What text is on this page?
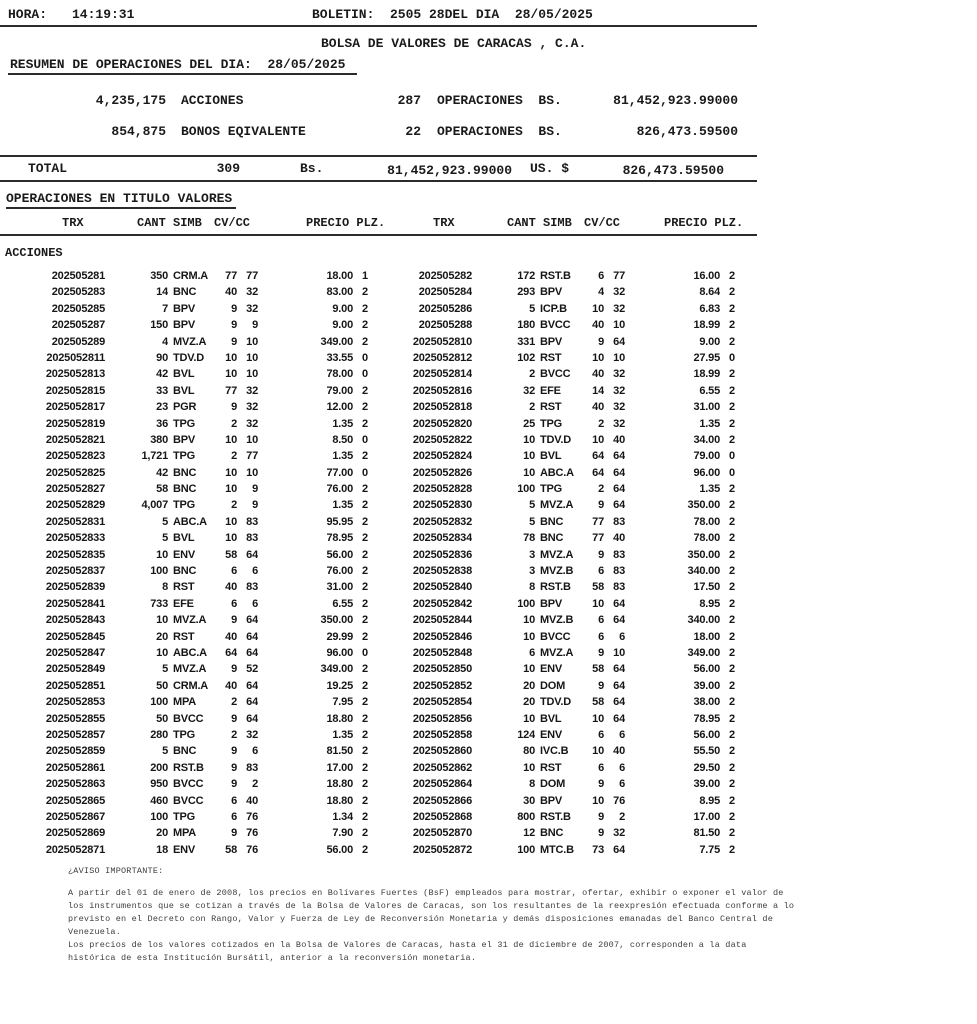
HORA: 14:19:31	BOLETIN: 2505 28DEL DIA  28/05/2025
BOLSA DE VALORES DE CARACAS , C.A.
RESUMEN DE OPERACIONES DEL DIA:  28/05/2025
4,235,175 ACCIONES	287 OPERACIONES  BS.	81,452,923.99000
854,875 BONOS EQIVALENTE	22 OPERACIONES  BS.	826,473.59500
TOTAL	309	Bs.	81,452,923.99000 US. $	826,473.59500
OPERACIONES EN TITULO VALORES
TRX	CANT SIMB CV/CC	PRECIO PLZ.	TRX	CANT SIMB CV/CC	PRECIO PLZ.
ACCIONES
202505281	350 CRM.A	77 77	18.00 1	202505282	172 RST.B	6 77	16.00 2
202505283	14 BNC	40 32	83.00 2	202505284	293 BPV	4 32	8.64 2
202505285	7 BPV	9 32	9.00 2	202505286	5 ICP.B	10 32	6.83 2
202505287	150 BPV	9	9	9.00 2	202505288	180 BVCC	40 10	18.99 2
202505289	4 MVZ.A	9 10	349.00 2	2025052810	331 BPV	9 64	9.00 2
2025052811	90 TDV.D	10 10	33.55 0	2025052812	102 RST	10 10	27.95 0
2025052813	42 BVL	10 10	78.00 0	2025052814	2 BVCC	40 32	18.99 2
2025052815	33 BVL	77 32	79.00 2	2025052816	32 EFE	14 32	6.55 2
2025052817	23 PGR	9 32	12.00 2	2025052818	2 RST	40 32	31.00 2
2025052819	36 TPG	2 32	1.35 2	2025052820	25 TPG	2 32	1.35 2
2025052821	380 BPV	10 10	8.50 0	2025052822	10 TDV.D	10 40	34.00 2
2025052823	1,721 TPG	2 77	1.35 2	2025052824	10 BVL	64 64	79.00 0
2025052825	42 BNC	10 10	77.00 0	2025052826	10 ABC.A	64 64	96.00 0
2025052827	58 BNC	10	9	76.00 2	2025052828	100 TPG	2 64	1.35 2
2025052829	4,007 TPG	2	9	1.35 2	2025052830	5 MVZ.A	9 64	350.00 2
2025052831	5 ABC.A	10 83	95.95 2	2025052832	5 BNC	77 83	78.00 2
2025052833	5 BVL	10 83	78.95 2	2025052834	78 BNC	77 40	78.00 2
2025052835	10 ENV	58 64	56.00 2	2025052836	3 MVZ.A	9 83	350.00 2
2025052837	100 BNC	6	6	76.00 2	2025052838	3 MVZ.B	6 83	340.00 2
2025052839	8 RST	40 83	31.00 2	2025052840	8 RST.B	58 83	17.50 2
2025052841	733 EFE	6	6	6.55 2	2025052842	100 BPV	10 64	8.95 2
2025052843	10 MVZ.A	9 64	350.00 2	2025052844	10 MVZ.B	6 64	340.00 2
2025052845	20 RST	40 64	29.99 2	2025052846	10 BVCC	6	6	18.00 2
2025052847	10 ABC.A	64 64	96.00 0	2025052848	6 MVZ.A	9 10	349.00 2
2025052849	5 MVZ.A	9 52	349.00 2	2025052850	10 ENV	58 64	56.00 2
2025052851	50 CRM.A	40 64	19.25 2	2025052852	20 DOM	9 64	39.00 2
2025052853	100 MPA	2 64	7.95 2	2025052854	20 TDV.D	58 64	38.00 2
2025052855	50 BVCC	9 64	18.80 2	2025052856	10 BVL	10 64	78.95 2
2025052857	280 TPG	2 32	1.35 2	2025052858	124 ENV	6	6	56.00 2
2025052859	5 BNC	9	6	81.50 2	2025052860	80 IVC.B	10 40	55.50 2
2025052861	200 RST.B	9 83	17.00 2	2025052862	10 RST	6	6	29.50 2
2025052863	950 BVCC	9	2	18.80 2	2025052864	8 DOM	9	6	39.00 2
2025052865	460 BVCC	6 40	18.80 2	2025052866	30 BPV	10 76	8.95 2
2025052867	100 TPG	6 76	1.34 2	2025052868	800 RST.B	9	2	17.00 2
2025052869	20 MPA	9 76	7.90 2	2025052870	12 BNC	9 32	81.50 2
2025052871	18 ENV	58 76	56.00 2	2025052872	100 MTC.B	73 64	7.75 2
¿AVISO IMPORTANTE:
A partir del 01 de enero de 2008, los precios en Bolívares Fuertes (BsF) empleados para mostrar, ofertar, exhibir o exponer el valor de
los instrumentos que se cotizan a través de la Bolsa de Valores de Caracas, son los resultantes de la reexpresión efectuada conforme a lo
previsto en el Decreto con Rango, Valor y Fuerza de Ley de Reconversión Monetaria y demás disposiciones emanadas del Banco Central de
Venezuela.
Los precios de los valores cotizados en la Bolsa de Valores de Caracas, hasta el 31 de diciembre de 2007, corresponden a la data
histórica de esta Institución Bursátil, anterior a la reconversión monetaria.
